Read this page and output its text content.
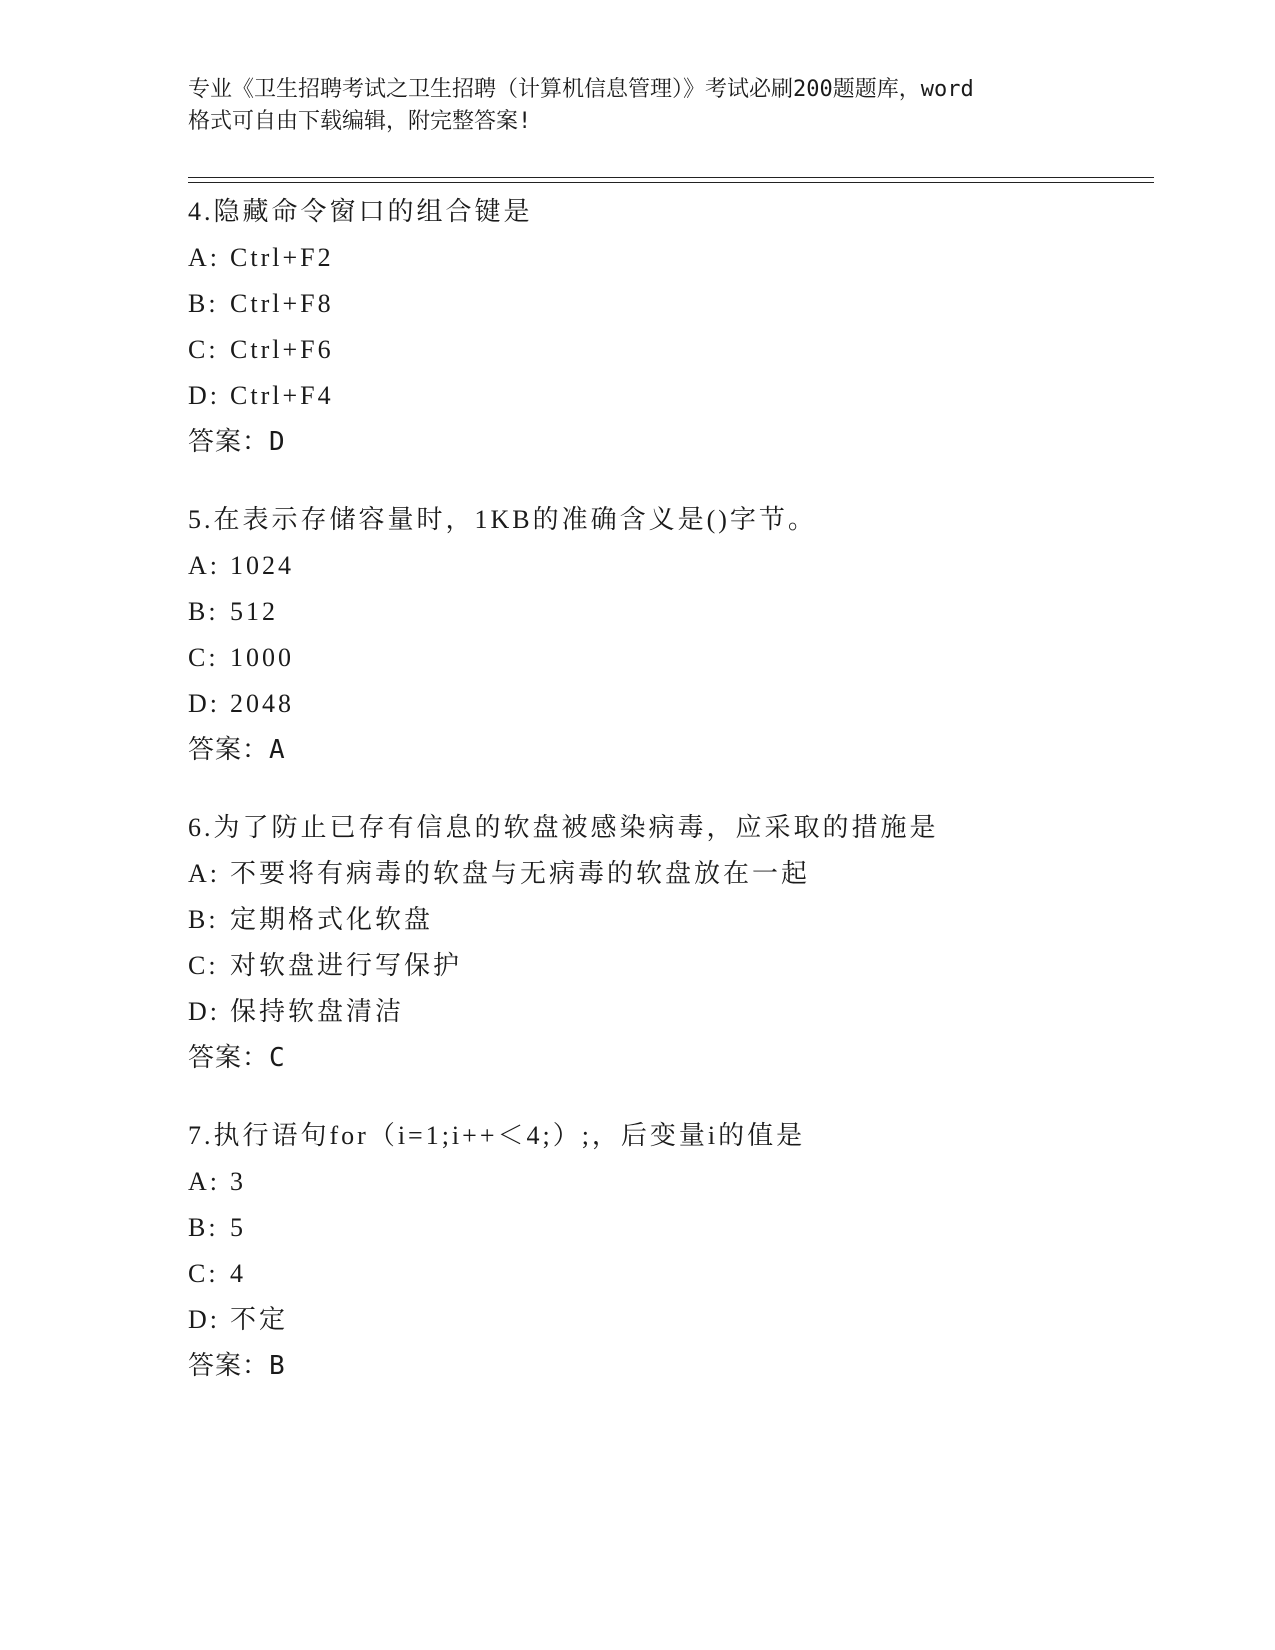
专业《卫生招聘考试之卫生招聘（计算机信息管理）》考试必刷200题题库，word
格式可自由下载编辑，附完整答案!
4.隐藏命令窗口的组合键是
A: Ctrl+F2
B: Ctrl+F8
C: Ctrl+F6
D: Ctrl+F4
答案：D
5.在表示存储容量时，1KB的准确含义是()字节。
A: 1024
B: 512
C: 1000
D: 2048
答案：A
6.为了防止已存有信息的软盘被感染病毒，应采取的措施是
A: 不要将有病毒的软盘与无病毒的软盘放在一起
B: 定期格式化软盘
C: 对软盘进行写保护
D: 保持软盘清洁
答案：C
7.执行语句for（i=1;i++＜4;）;，后变量i的值是
A: 3
B: 5
C: 4
D: 不定
答案：B
